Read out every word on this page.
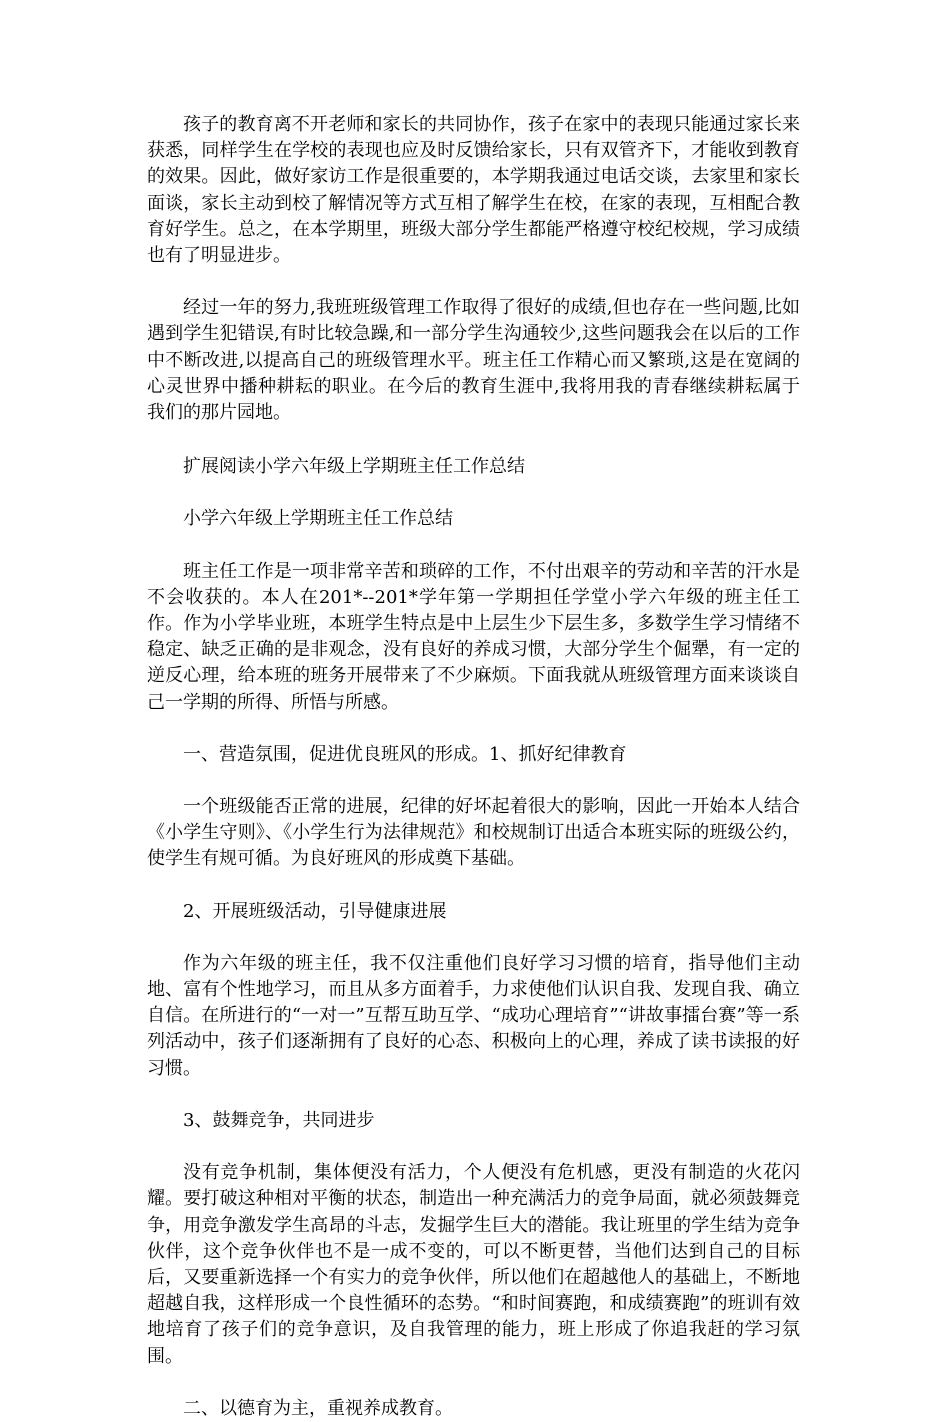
孩子的教育离不开老师和家长的共同协作，孩子在家中的表现只能通过家长来获悉，同样学生在学校的表现也应及时反馈给家长，只有双管齐下，才能收到教育的效果。因此，做好家访工作是很重要的，本学期我通过电话交谈，去家里和家长面谈，家长主动到校了解情况等方式互相了解学生在校，在家的表现，互相配合教育好学生。总之，在本学期里，班级大部分学生都能严格遵守校纪校规，学习成绩也有了明显进步。

经过一年的努力,我班班级管理工作取得了很好的成绩,但也存在一些问题,比如遇到学生犯错误,有时比较急躁,和一部分学生沟通较少,这些问题我会在以后的工作中不断改进,以提高自己的班级管理水平。班主任工作精心而又繁琐,这是在宽阔的心灵世界中播种耕耘的职业。在今后的教育生涯中,我将用我的青春继续耕耘属于我们的那片园地。

扩展阅读小学六年级上学期班主任工作总结

小学六年级上学期班主任工作总结

班主任工作是一项非常辛苦和琐碎的工作，不付出艰辛的劳动和辛苦的汗水是不会收获的。本人在201*--201*学年第一学期担任学堂小学六年级的班主任工作。作为小学毕业班，本班学生特点是中上层生少下层生多，多数学生学习情绪不稳定、缺乏正确的是非观念，没有良好的养成习惯，大部分学生个倔犟，有一定的逆反心理，给本班的班务开展带来了不少麻烦。下面我就从班级管理方面来谈谈自己一学期的所得、所悟与所感。

一、营造氛围，促进优良班风的形成。1、抓好纪律教育

一个班级能否正常的进展，纪律的好坏起着很大的影响，因此一开始本人结合《小学生守则》、《小学生行为法律规范》和校规制订出适合本班实际的班级公约，使学生有规可循。为良好班风的形成奠下基础。

2、开展班级活动，引导健康进展

作为六年级的班主任，我不仅注重他们良好学习习惯的培育，指导他们主动地、富有个性地学习，而且从多方面着手，力求使他们认识自我、发现自我、确立自信。在所进行的“一对一”互帮互助互学、“成功心理培育”“讲故事擂台赛”等一系列活动中，孩子们逐渐拥有了良好的心态、积极向上的心理，养成了读书读报的好习惯。

3、鼓舞竞争，共同进步

没有竞争机制，集体便没有活力，个人便没有危机感，更没有制造的火花闪耀。要打破这种相对平衡的状态，制造出一种充满活力的竞争局面，就必须鼓舞竞争，用竞争激发学生高昂的斗志，发掘学生巨大的潜能。我让班里的学生结为竞争伙伴，这个竞争伙伴也不是一成不变的，可以不断更替，当他们达到自己的目标后，又要重新选择一个有实力的竞争伙伴，所以他们在超越他人的基础上，不断地超越自我，这样形成一个良性循环的态势。“和时间赛跑，和成绩赛跑”的班训有效地培育了孩子们的竞争意识，及自我管理的能力，班上形成了你追我赶的学习氛围。

二、以德育为主，重视养成教育。
